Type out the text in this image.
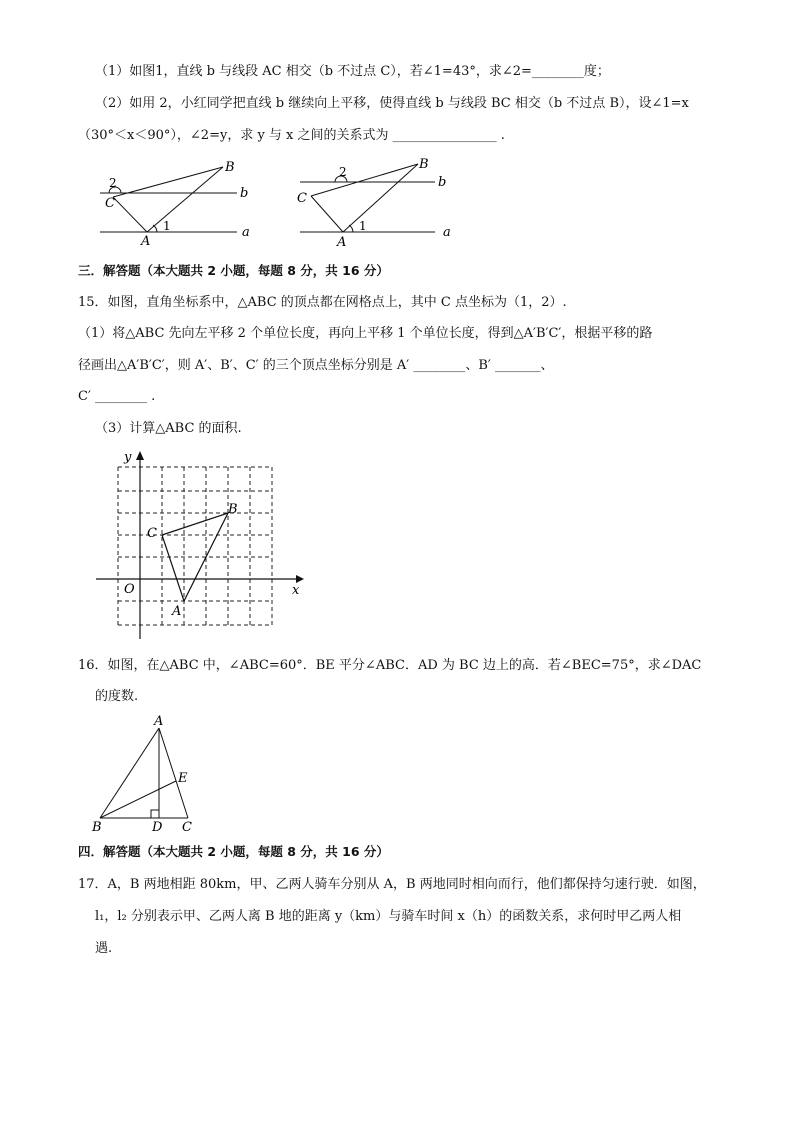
（1）如图1，直线 b 与线段 AC 相交（b 不过点 C），若∠1=43°，求∠2=________度；
（2）如用 2，小红同学把直线 b 继续向上平移，使得直线 b 与线段 BC 相交（b 不过点 B），设∠1=x
（30°＜x＜90°），∠2=y，求 y 与 x 之间的关系式为 ________________ .
B
C
A
2
1
b
a
B
C
A
2
1
b
a
三．解答题（本大题共 2 小题，每题 8 分，共 16 分）
15．如图，直角坐标系中，△ABC 的顶点都在网格点上，其中 C 点坐标为（1，2）.
（1）将△ABC 先向左平移 2 个单位长度，再向上平移 1 个单位长度，得到△A′B′C′，根据平移的路
径画出△A′B′C′，则 A′、B′、C′ 的三个顶点坐标分别是 A′ ________、B′ _______、
C′ ________ .
（3）计算△ABC 的面积.
y
x
O
A
B
C
16．如图，在△ABC 中，∠ABC=60°．BE 平分∠ABC．AD 为 BC 边上的高．若∠BEC=75°，求∠DAC
的度数.
A
B	C
D
E
四．解答题（本大题共 2 小题，每题 8 分，共 16 分）
17．A，B 两地相距 80km，甲、乙两人骑车分别从 A，B 两地同时相向而行，他们都保持匀速行驶．如图，
l₁，l₂ 分别表示甲、乙两人离 B 地的距离 y（km）与骑车时间 x（h）的函数关系，求何时甲乙两人相
遇.
